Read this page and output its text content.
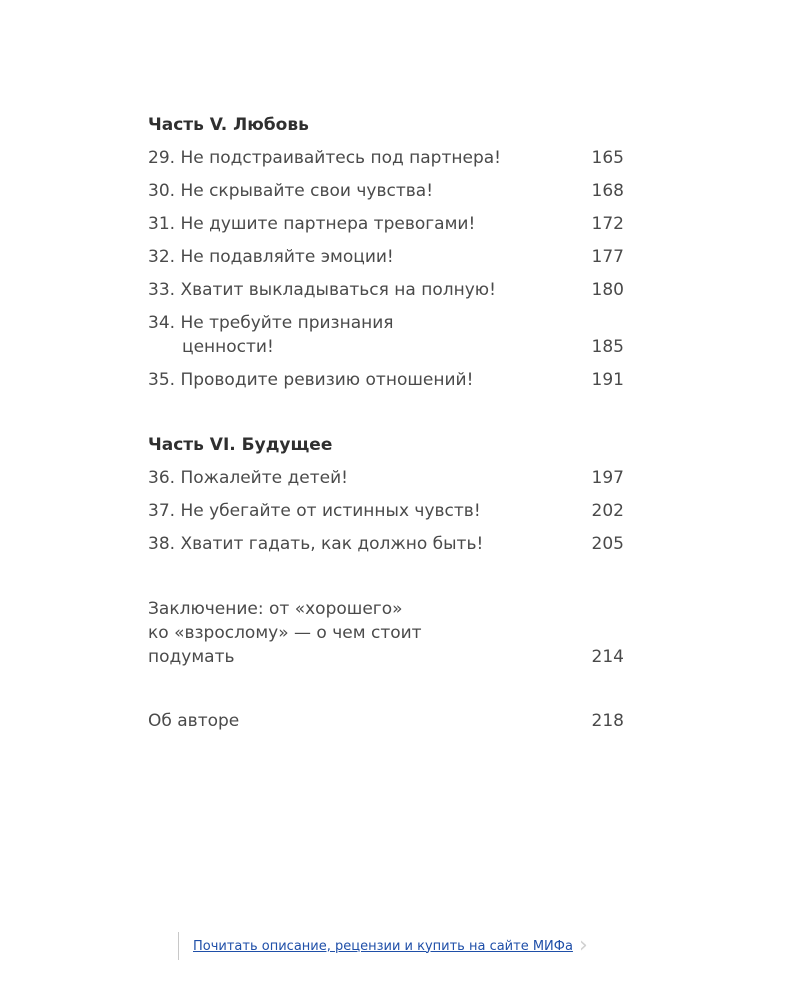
Часть V. Любовь
29. Не подстраивайтесь под партнера!	165
30. Не скрывайте свои чувства!	168
31. Не душите партнера тревогами!	172
32. Не подавляйте эмоции!	177
33. Хватит выкладываться на полную!	180
34. Не требуйте признания
ценности!	185
35. Проводите ревизию отношений!	191
Часть VI. Будущее
36. Пожалейте детей!	197
37. Не убегайте от истинных чувств!	202
38. Хватит гадать, как должно быть!	205
Заключение: от «хорошего»
ко «взрослому» — о чем стоит
подумать	214
Об авторе	218
Почитать описание, рецензии и купить на сайте МИФа ›
